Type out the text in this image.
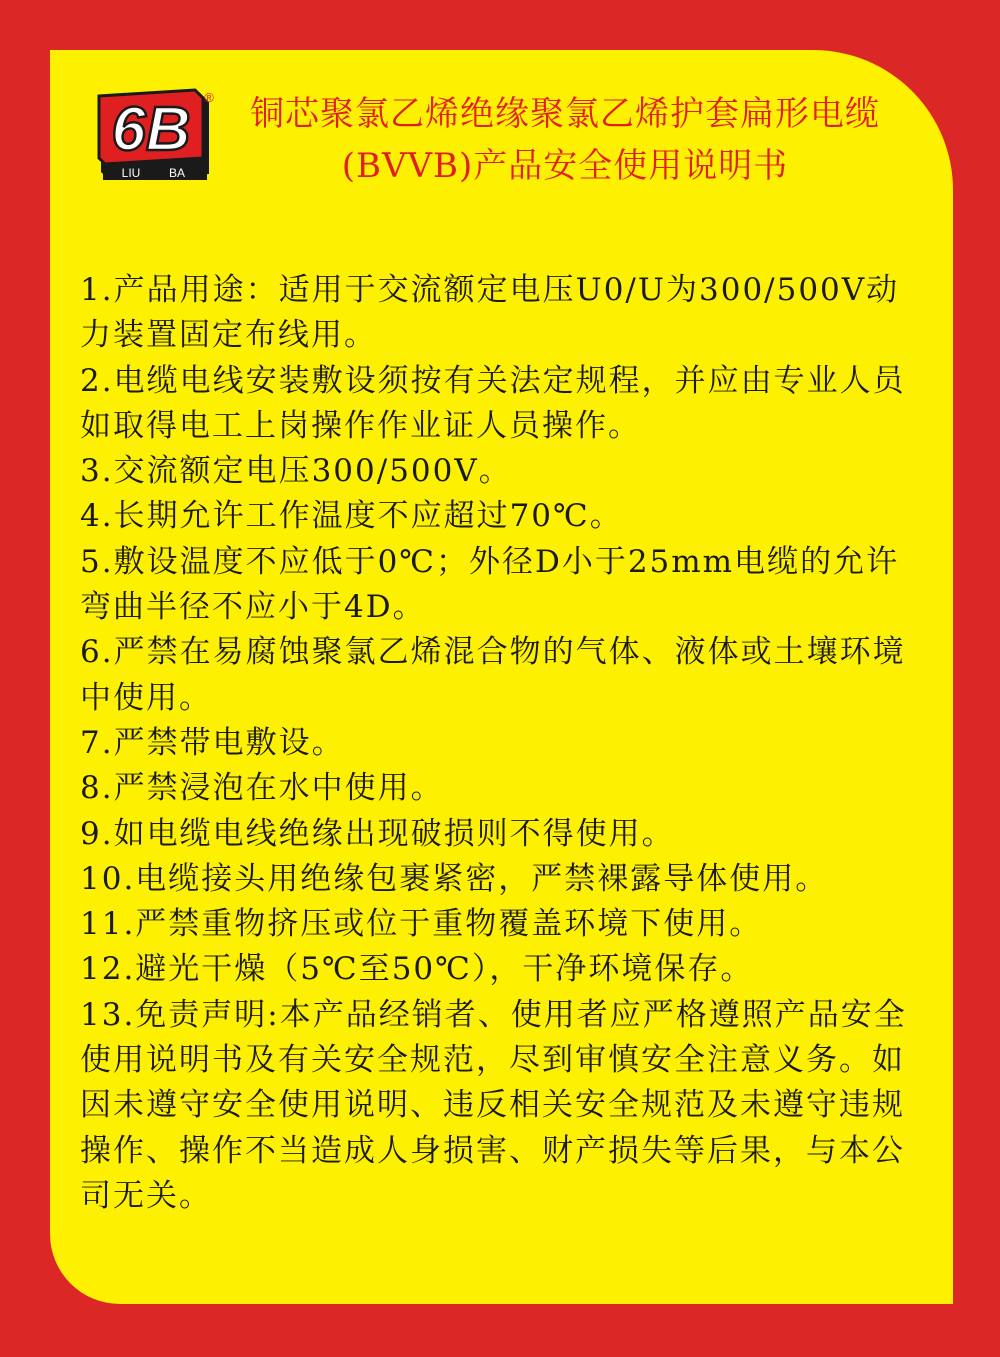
6B
LIU BA
®	铜芯聚氯乙烯绝缘聚氯乙烯护套扁形电缆
(BVVB)产品安全使用说明书

1.产品用途：适用于交流额定电压U0/U为300/500V动力装置固定布线用。

2.电缆电线安装敷设须按有关法定规程，并应由专业人员如取得电工上岗操作作业证人员操作。

3.交流额定电压300/500V。

4.长期允许工作温度不应超过70℃。

5.敷设温度不应低于0℃；外径D小于25mm电缆的允许弯曲半径不应小于4D。

6.严禁在易腐蚀聚氯乙烯混合物的气体、液体或土壤环境中使用。

7.严禁带电敷设。

8.严禁浸泡在水中使用。

9.如电缆电线绝缘出现破损则不得使用。

10.电缆接头用绝缘包裹紧密，严禁裸露导体使用。

11.严禁重物挤压或位于重物覆盖环境下使用。

12.避光干燥（5℃至50℃），干净环境保存。

13.免责声明:本产品经销者、使用者应严格遵照产品安全使用说明书及有关安全规范，尽到审慎安全注意义务。如因未遵守安全使用说明、违反相关安全规范及未遵守违规操作、操作不当造成人身损害、财产损失等后果，与本公司无关。
